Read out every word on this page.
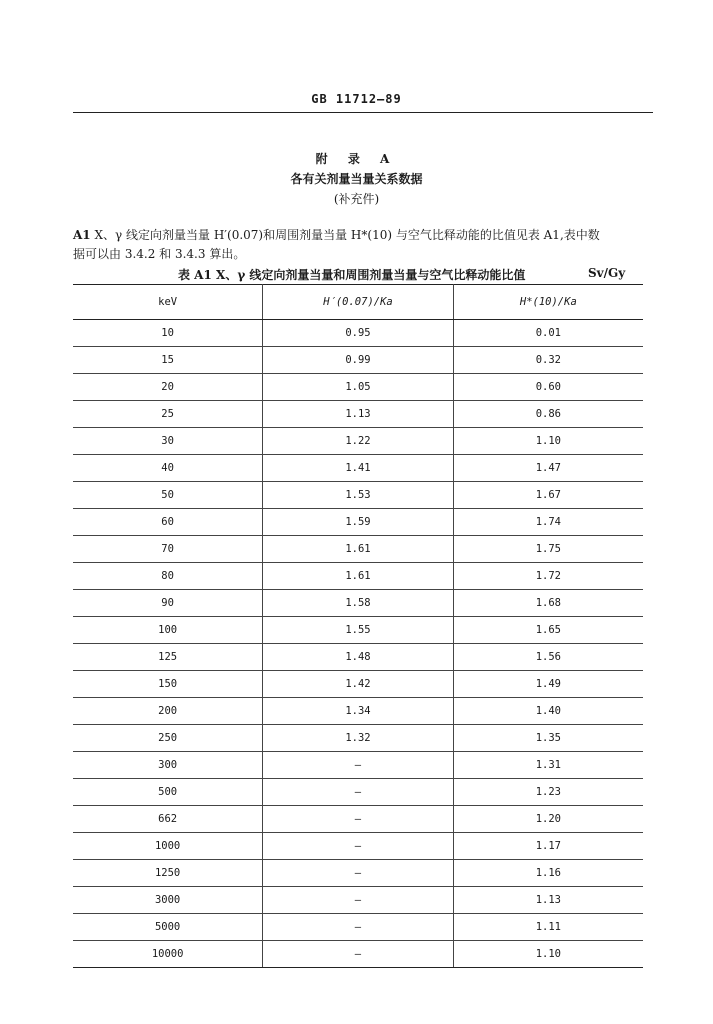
GB 11712—89
附 录 A
各有关剂量当量关系数据
(补充件)
A1 X、γ 线定向剂量当量 H′(0.07)和周围剂量当量 H*(10) 与空气比释动能的比值见表 A1,表中数
据可以由 3.4.2 和 3.4.3 算出。
表 A1 X、γ 线定向剂量当量和周围剂量当量与空气比释动能比值	Sv/Gy
keV	H′(0.07)/Ka	H*(10)/Ka
10	0.95	0.01
15	0.99	0.32
20	1.05	0.60
25	1.13	0.86
30	1.22	1.10
40	1.41	1.47
50	1.53	1.67
60	1.59	1.74
70	1.61	1.75
80	1.61	1.72
90	1.58	1.68
100	1.55	1.65
125	1.48	1.56
150	1.42	1.49
200	1.34	1.40
250	1.32	1.35
300	—	1.31
500	—	1.23
662	—	1.20
1000	—	1.17
1250	—	1.16
3000	—	1.13
5000	—	1.11
10000	—	1.10
